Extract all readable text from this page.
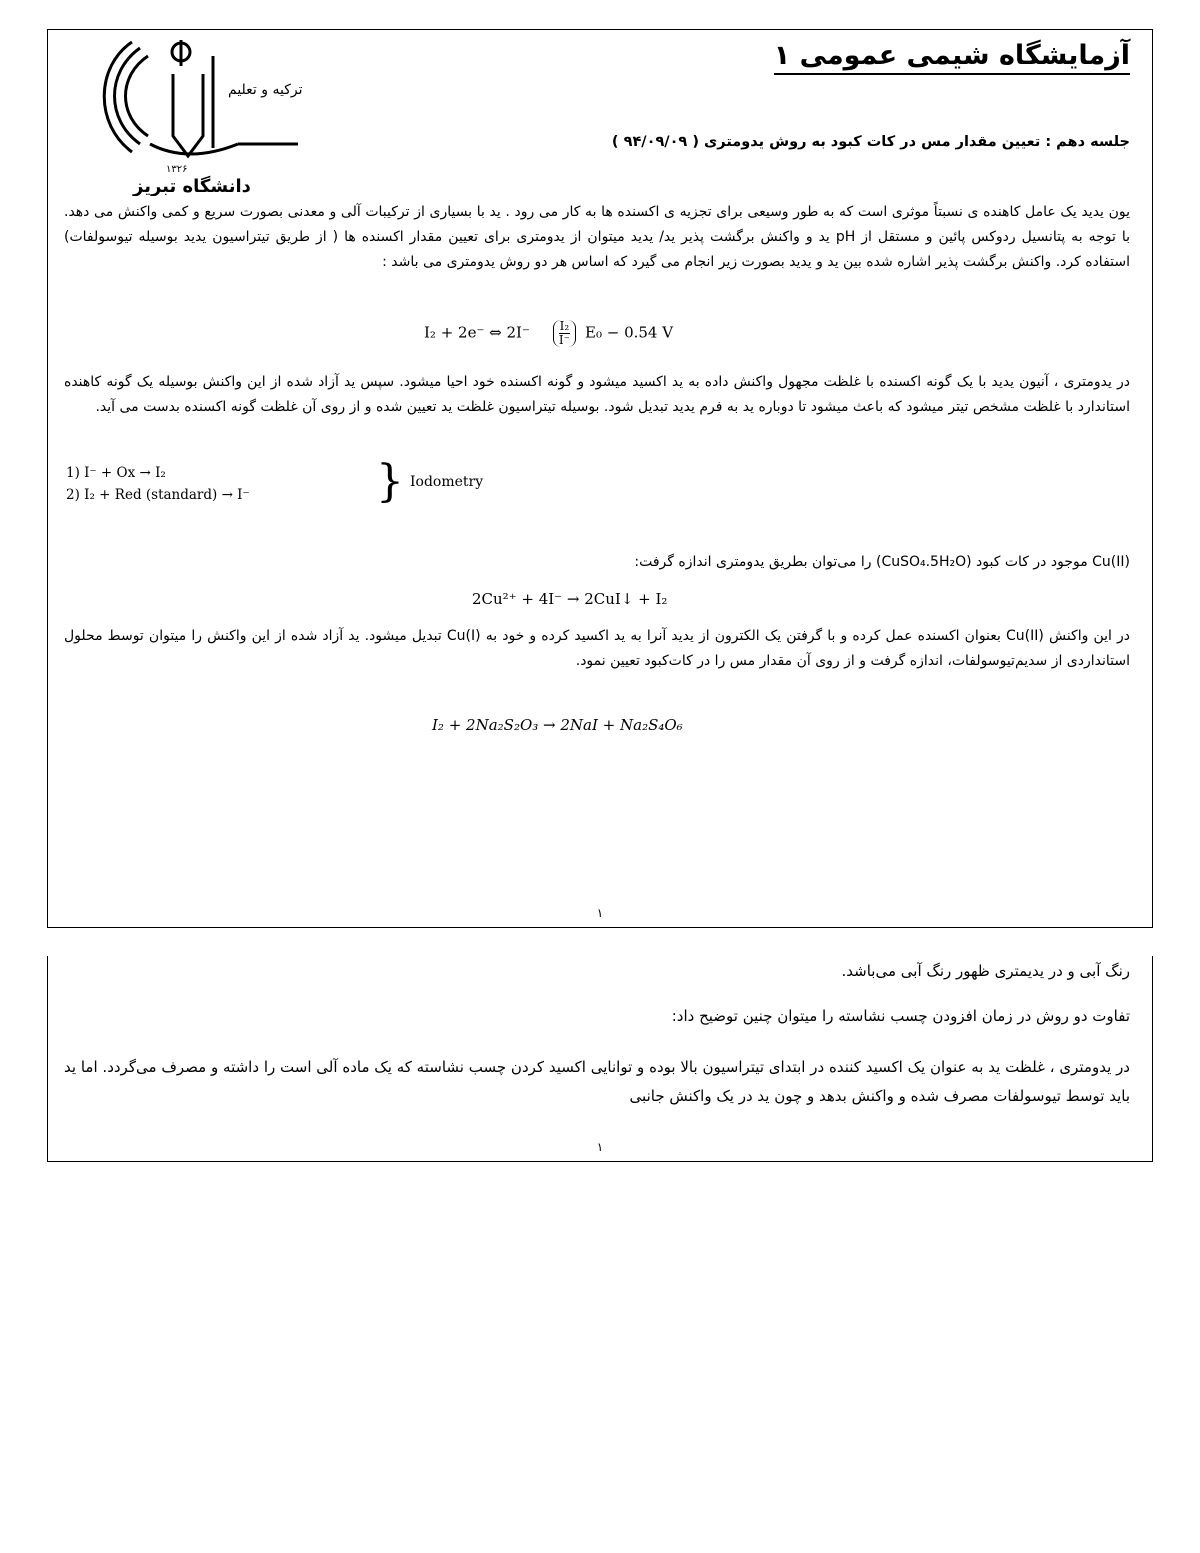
آزمایشگاه شیمی عمومی ۱
ترکیه و تعلیم
۱۳۲۶
دانشگاه تبریز
جلسه دهم : تعیین مقدار مس در کات کبود به روش یدومتری ( ۹۴/۰۹/۰۹ )

یون یدید یک عامل کاهنده ی نسبتاً موثری است که به طور وسیعی برای تجزیه ی اکسنده ها به کار می رود . ید با بسیاری از ترکیبات آلی و معدنی بصورت سریع و کمی واکنش می دهد. با توجه به پتانسیل ردوکس پائین و مستقل از pH ید و واکنش برگشت پذیر ید/ یدید میتوان از یدومتری برای تعیین مقدار اکسنده ها ( از طریق تیتراسیون یدید بوسیله تیوسولفات) استفاده کرد. واکنش برگشت پذیر اشاره شده بین ید و یدید بصورت زیر انجام می گیرد که اساس هر دو روش یدومتری می باشد :

I₂ + 2e⁻ ⇔ $2I^- \frac{\text{I₂}}{I^-} E_0 - 0.54$ V

در یدومتری ، آنیون یدید با یک گونه اکسنده با غلظت مجهول واکنش داده به ید اکسید میشود و گونه اکسنده خود احیا میشود. سپس ید آزاد شده از این واکنش بوسیله یک گونه کاهنده استاندارد با غلظت مشخص تیتر میشود که باعث میشود تا دوباره ید به فرم یدید تبدیل شود. بوسیله تیتراسیون غلظت ید تعیین شده و از روی آن غلظت گونه اکسنده بدست می آید.

1) I⁻ + Ox → I₂
2) I₂ + Red (standard) → I⁻	} Iodometry

Cu(II) موجود در کات کبود (CuSO₄.5H₂O) را می‌توان بطریق یدومتری اندازه گرفت:

2Cu²⁺ + 4I⁻ → 2CuI↓ + I₂

در این واکنش (Cu(II بعنوان اکسنده عمل کرده و با گرفتن یک الکترون از یدید آنرا به ید اکسید کرده و خود به (Cu(I تبدیل میشود. ید آزاد شده از این واکنش را میتوان توسط محلول استانداردی از سدیم‌تیوسولفات، اندازه گرفت و از روی آن مقدار مس را در کات‌کبود تعیین نمود.

I₂ + 2Na₂S₂O₃ → 2NaI + Na₂S₄O₆
۱
رنگ آبی و در یدیمتری ظهور رنگ آبی می‌باشد.
تفاوت دو روش در زمان افزودن چسب نشاسته را میتوان چنین توضیح داد:
در یدومتری ، غلظت ید به عنوان یک اکسید کننده در ابتدای تیتراسیون بالا بوده و توانایی اکسید کردن چسب نشاسته که یک ماده آلی است را داشته و مصرف می‌گردد. اما ید باید توسط تیوسولفات مصرف شده و واکنش بدهد و چون ید در یک واکنش جانبی
۱
